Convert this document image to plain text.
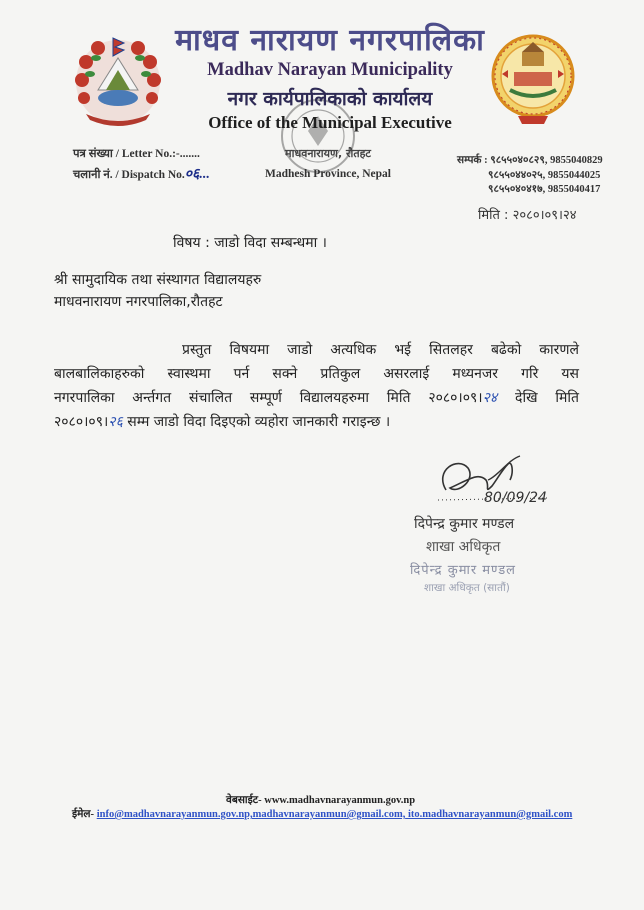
माधव नारायण नगरपालिका
Madhav Narayan Municipality
नगर कार्यपालिकाको कार्यालय
Office of the Municipal Executive
माधवनारायण, रौतहट
Madhesh Province, Nepal
पत्र संख्या / Letter No.:-.......
चलानी नं. / Dispatch No.०६...
सम्पर्क : ९८५५०४०८२९, 9855040829
९८५५०४४०२५, 9855044025
९८५५०४०४१७, 9855040417
मिति : २०८०।०९।२४
विषय : जाडो विदा सम्बन्धमा ।
श्री सामुदायिक तथा संस्थागत विद्यालयहरु
माधवनारायण नगरपालिका,रौतहट
प्रस्तुत विषयमा जाडो अत्यधिक भई सितलहर बढेको कारणले
बालबालिकाहरुको स्वास्थमा पर्न सक्ने प्रतिकुल असरलाई मध्यनजर गरि यस
नगरपालिका अर्न्तगत संचालित सम्पूर्ण विद्यालयहरुमा मिति २०८०।०९।२४ देखि मिति
२०८०।०९।२६ सम्म जाडो विदा दिइएको व्यहोरा जानकारी गराइन्छ ।
80/09/24
दिपेन्द्र कुमार मण्डल
शाखा अधिकृत
दिपेन्द्र कुमार मण्डल
शाखा अधिकृत (सातौं)
वेबसाईट- www.madhavnarayanmun.gov.np
ईमेल- info@madhavnarayanmun.gov.np,madhavnarayanmun@gmail.com, ito.madhavnarayanmun@gmail.com
